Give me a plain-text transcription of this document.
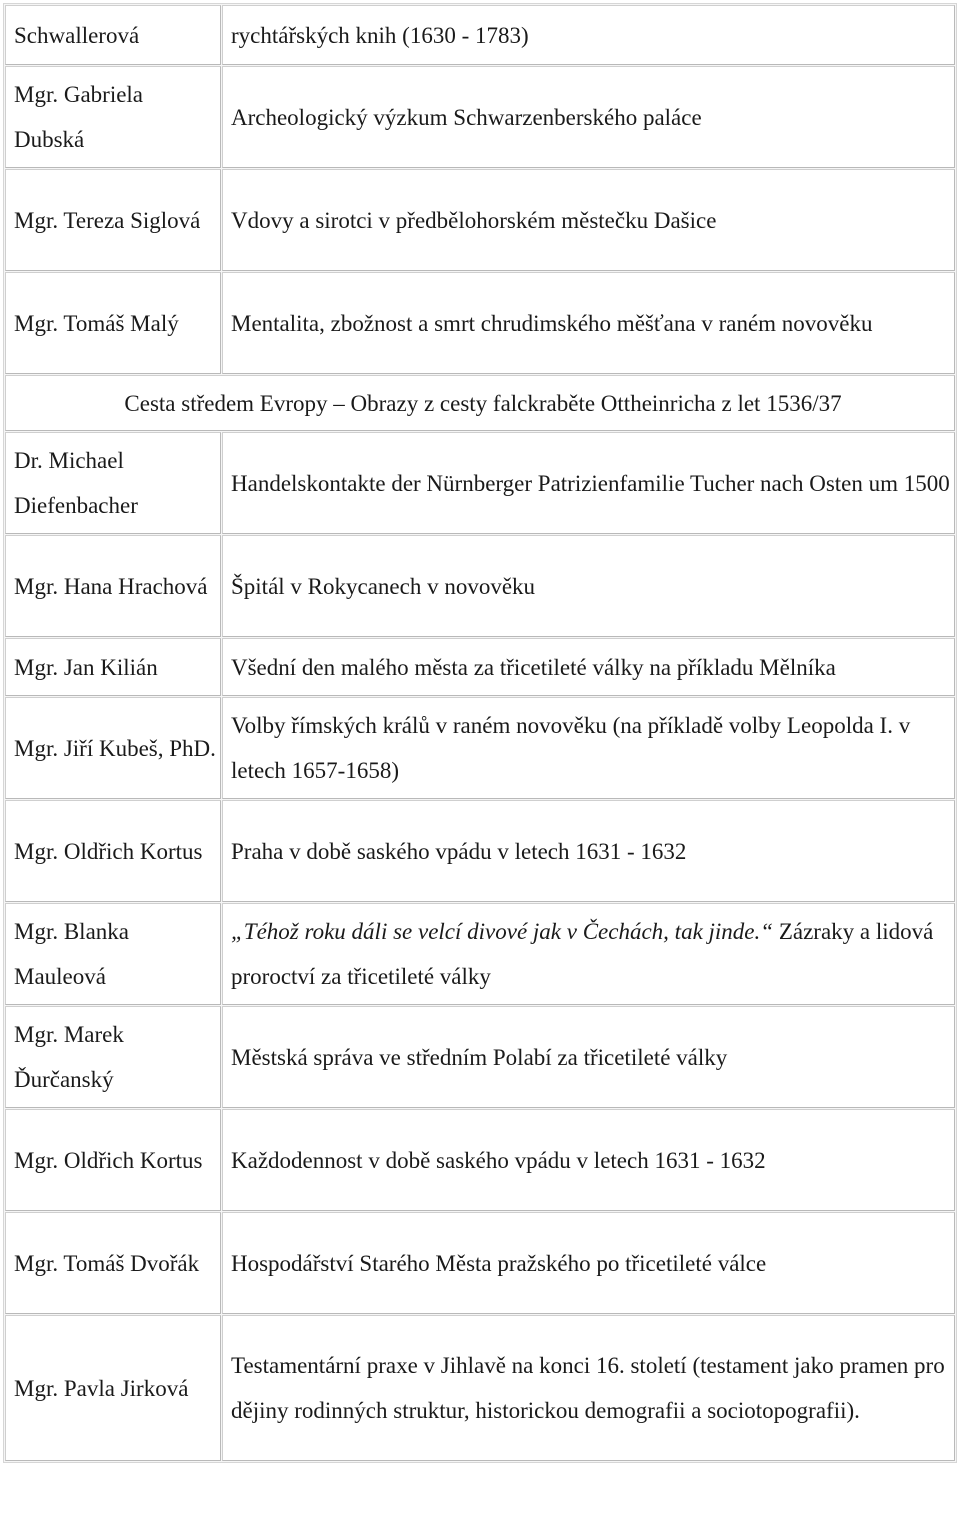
Schwallerová	rychtářských knih (1630 - 1783)
Mgr. Gabriela Dubská	Archeologický výzkum Schwarzenberského paláce
Mgr. Tereza Siglová	Vdovy a sirotci v předbělohorském městečku Dašice
Mgr. Tomáš Malý	Mentalita, zbožnost a smrt chrudimského měšťana v raném novověku
Cesta středem Evropy – Obrazy z cesty falckraběte Ottheinricha z let 1536/37	
Dr. Michael Diefenbacher	Handelskontakte der Nürnberger Patrizienfamilie Tucher nach Osten um 1500
Mgr. Hana Hrachová	Špitál v Rokycanech v novověku
Mgr. Jan Kilián	Všední den malého města za třicetileté války na příkladu Mělníka
Mgr. Jiří Kubeš, PhD.	Volby římských králů v raném novověku (na příkladě volby Leopolda I. v letech 1657-1658)
Mgr. Oldřich Kortus	Praha v době saského vpádu v letech 1631 - 1632
Mgr. Blanka Mauleová	„Téhož roku dáli se velcí divové jak v Čechách, tak jinde.“ Zázraky a lidová proroctví za třicetileté války
Mgr. Marek Ďurčanský	Městská správa ve středním Polabí za třicetileté války
Mgr. Oldřich Kortus	Každodennost v době saského vpádu v letech 1631 - 1632
Mgr. Tomáš Dvořák	Hospodářství Starého Města pražského po třicetileté válce
Mgr. Pavla Jirková	Testamentární praxe v Jihlavě na konci 16. století (testament jako pramen pro dějiny rodinných struktur, historickou demografii a sociotopografii).
